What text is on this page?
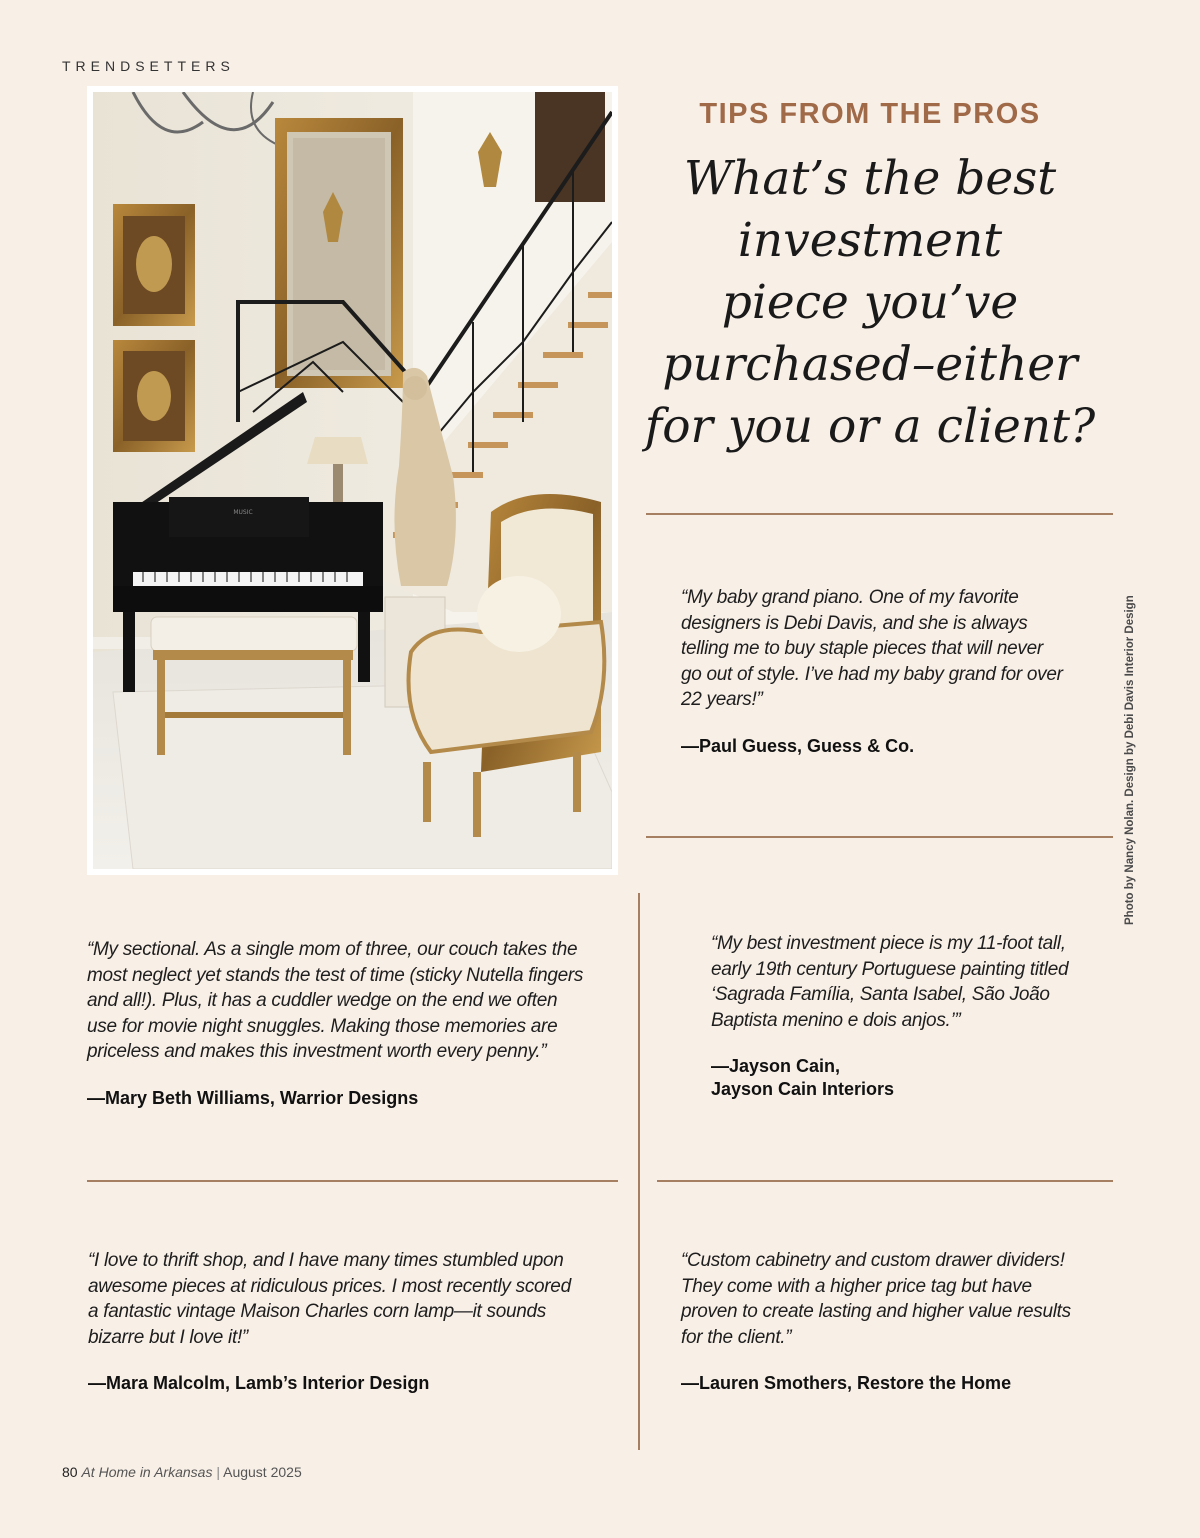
TRENDSETTERS
MUSIC
TIPS FROM THE PROS
What’s the best
investment
piece you’ve
purchased–either
for you or a client?

“My baby grand piano. One of my favorite
designers is Debi Davis, and she is always
telling me to buy staple pieces that will never
go out of style. I’ve had my baby grand for over
22 years!”

—Paul Guess, Guess & Co.

“My sectional. As a single mom of three, our couch takes the
most neglect yet stands the test of time (sticky Nutella fingers
and all!). Plus, it has a cuddler wedge on the end we often
use for movie night snuggles. Making those memories are
priceless and makes this investment worth every penny.”

—Mary Beth Williams, Warrior Designs

“My best investment piece is my 11-foot tall,
early 19th century Portuguese painting titled
‘Sagrada Família, Santa Isabel, São João
Baptista menino e dois anjos.’”

—Jayson Cain,
Jayson Cain Interiors

“I love to thrift shop, and I have many times stumbled upon
awesome pieces at ridiculous prices. I most recently scored
a fantastic vintage Maison Charles corn lamp—it sounds
bizarre but I love it!”

—Mara Malcolm, Lamb’s Interior Design

“Custom cabinetry and custom drawer dividers!
They come with a higher price tag but have
proven to create lasting and higher value results
for the client.”

—Lauren Smothers, Restore the Home
Photo by Nancy Nolan. Design by Debi Davis Interior Design
80 At Home in Arkansas | August 2025
